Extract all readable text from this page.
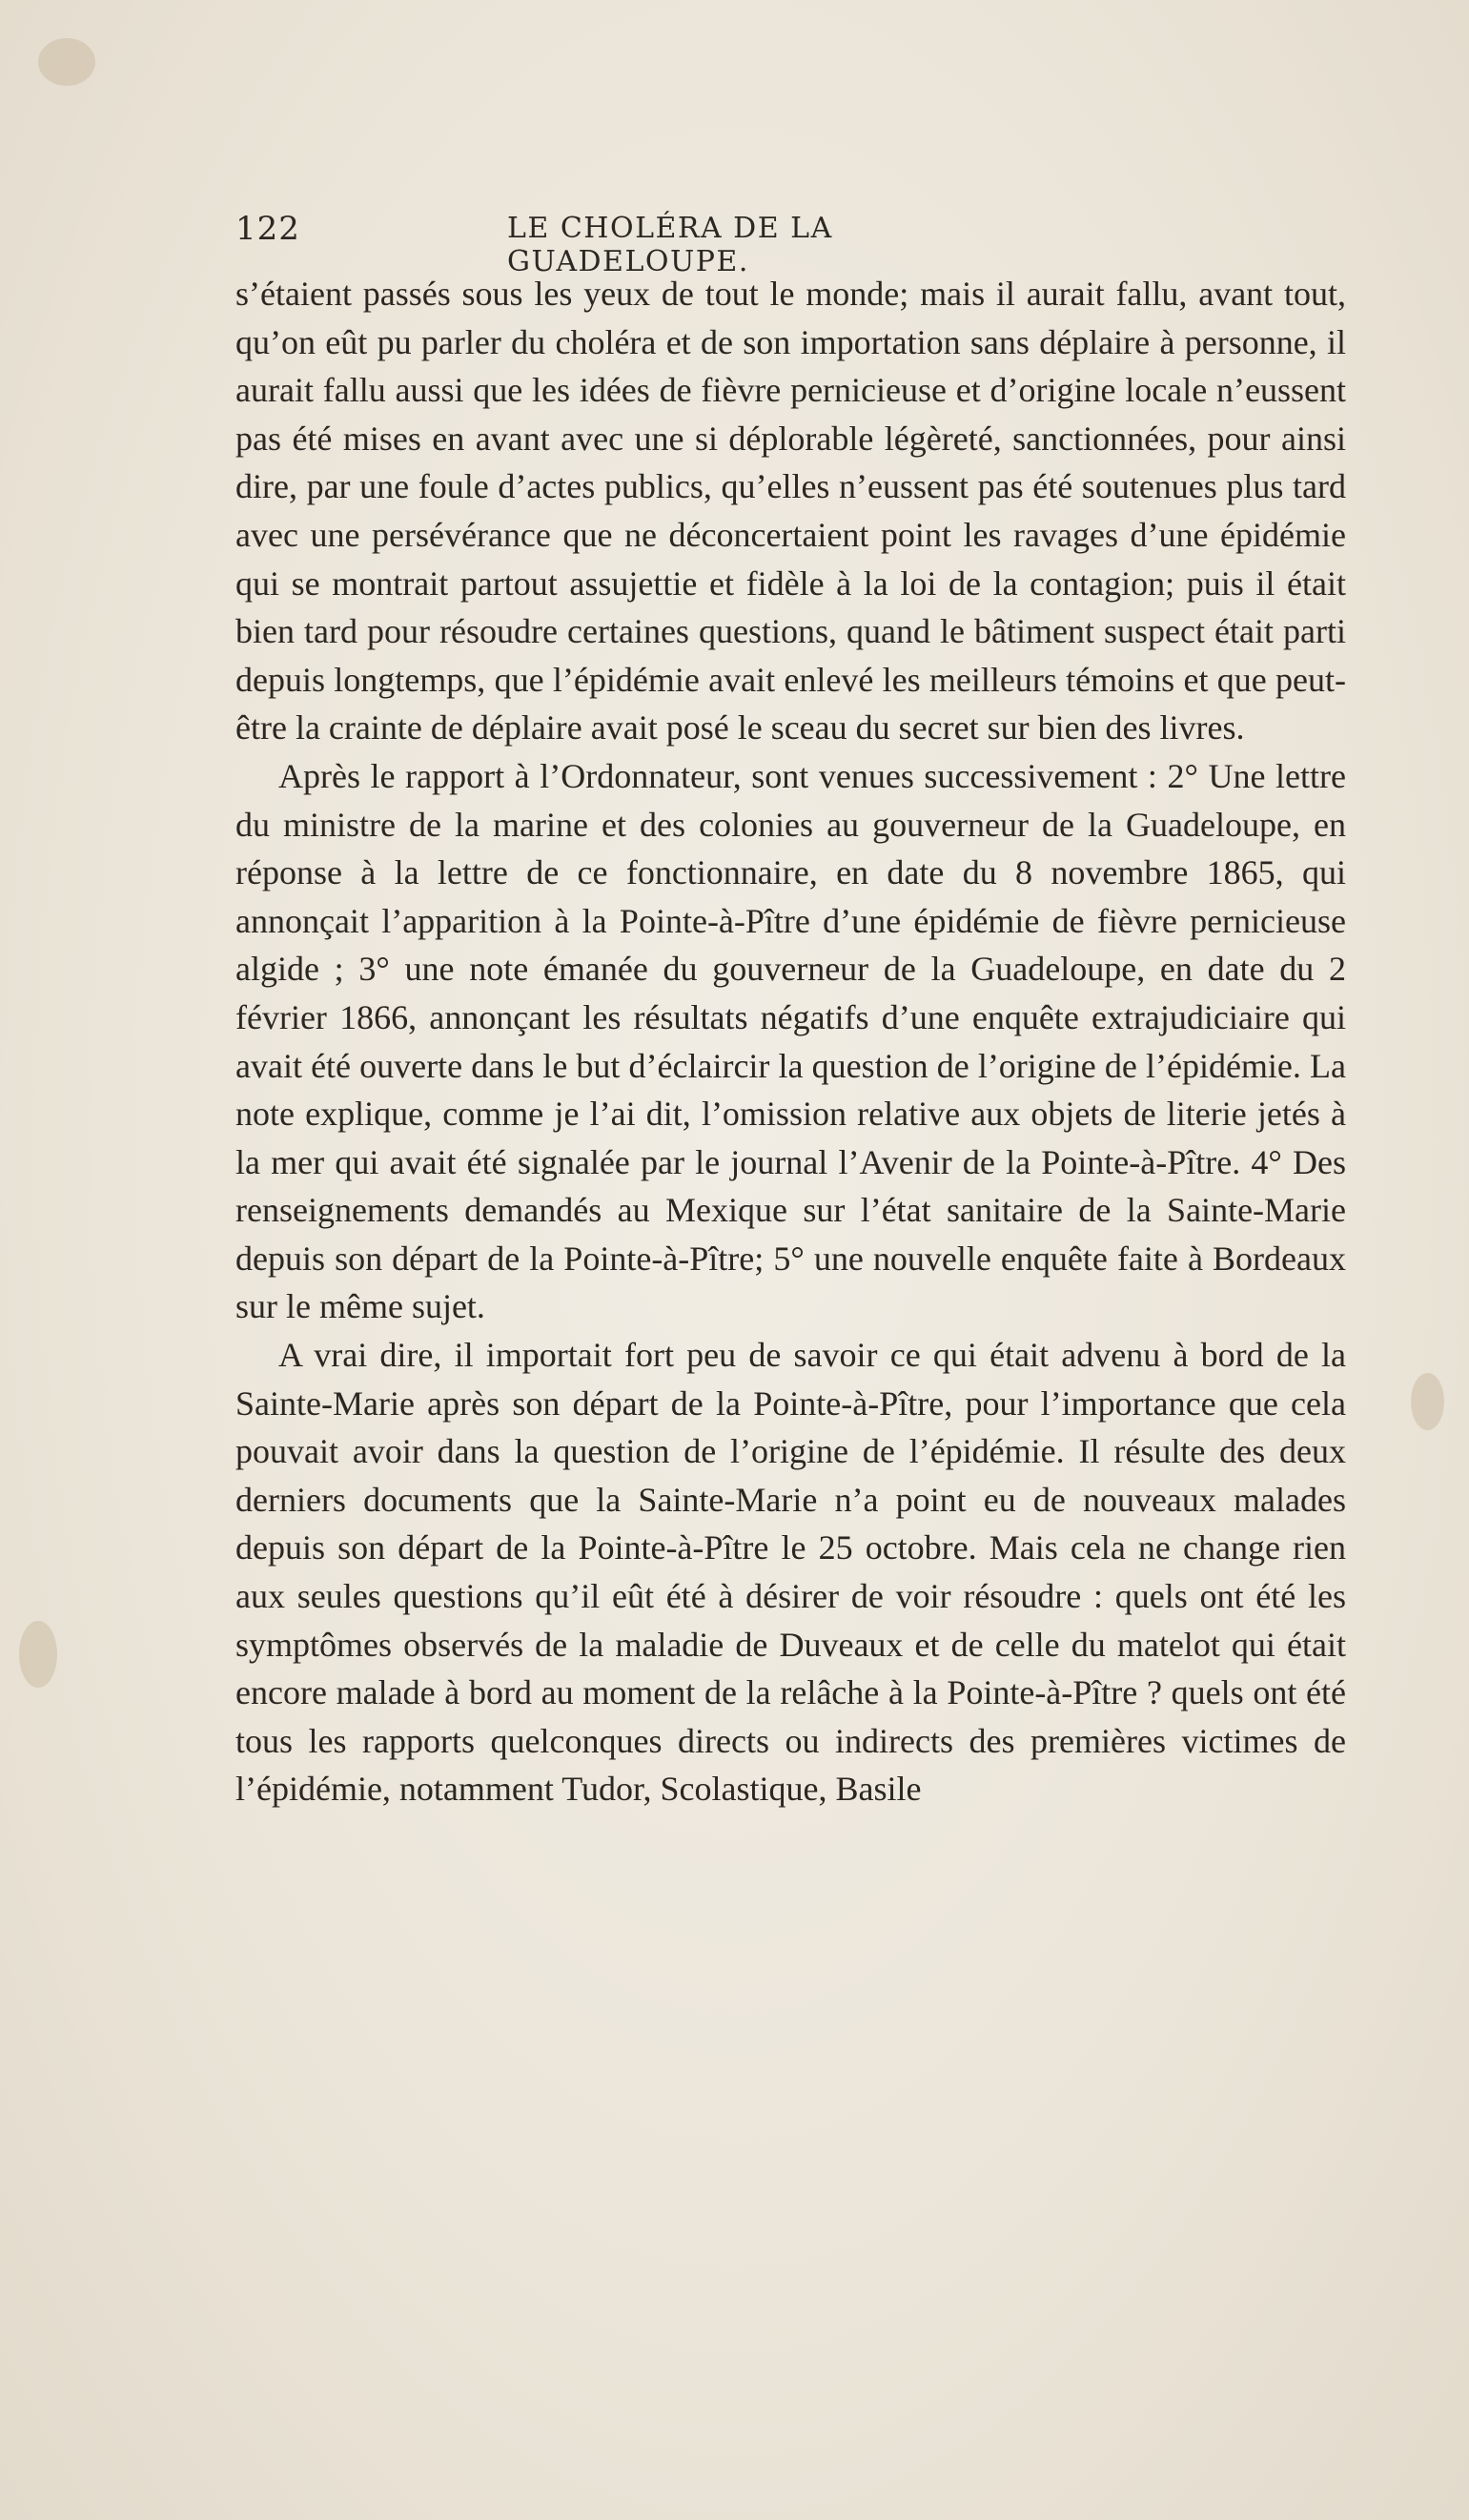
122	LE CHOLÉRA DE LA GUADELOUPE.

s’étaient passés sous les yeux de tout le monde; mais il aurait fallu, avant tout, qu’on eût pu parler du choléra et de son importation sans déplaire à personne, il aurait fallu aussi que les idées de fièvre pernicieuse et d’origine locale n’eussent pas été mises en avant avec une si déplorable légèreté, sanctionnées, pour ainsi dire, par une foule d’actes publics, qu’elles n’eussent pas été soutenues plus tard avec une persévérance que ne déconcertaient point les ravages d’une épidémie qui se montrait partout assujettie et fidèle à la loi de la contagion; puis il était bien tard pour résoudre certaines questions, quand le bâtiment suspect était parti depuis longtemps, que l’épidémie avait enlevé les meilleurs témoins et que peut-être la crainte de déplaire avait posé le sceau du secret sur bien des livres.

Après le rapport à l’Ordonnateur, sont venues successivement : 2° Une lettre du ministre de la marine et des colonies au gouverneur de la Guadeloupe, en réponse à la lettre de ce fonctionnaire, en date du 8 novembre 1865, qui annonçait l’apparition à la Pointe-à-Pître d’une épidémie de fièvre pernicieuse algide ; 3° une note émanée du gouverneur de la Guadeloupe, en date du 2 février 1866, annonçant les résultats négatifs d’une enquête extrajudiciaire qui avait été ouverte dans le but d’éclaircir la question de l’origine de l’épidémie. La note explique, comme je l’ai dit, l’omission relative aux objets de literie jetés à la mer qui avait été signalée par le journal l’Avenir de la Pointe-à-Pître. 4° Des renseignements demandés au Mexique sur l’état sanitaire de la Sainte-Marie depuis son départ de la Pointe-à-Pître; 5° une nouvelle enquête faite à Bordeaux sur le même sujet.

A vrai dire, il importait fort peu de savoir ce qui était advenu à bord de la Sainte-Marie après son départ de la Pointe-à-Pître, pour l’importance que cela pouvait avoir dans la question de l’origine de l’épidémie. Il résulte des deux derniers documents que la Sainte-Marie n’a point eu de nouveaux malades depuis son départ de la Pointe-à-Pître le 25 octobre. Mais cela ne change rien aux seules questions qu’il eût été à désirer de voir résoudre : quels ont été les symptômes observés de la maladie de Duveaux et de celle du matelot qui était encore malade à bord au moment de la relâche à la Pointe-à-Pître ? quels ont été tous les rapports quelconques directs ou indirects des premières victimes de l’épidémie, notamment Tudor, Scolastique, Basile
